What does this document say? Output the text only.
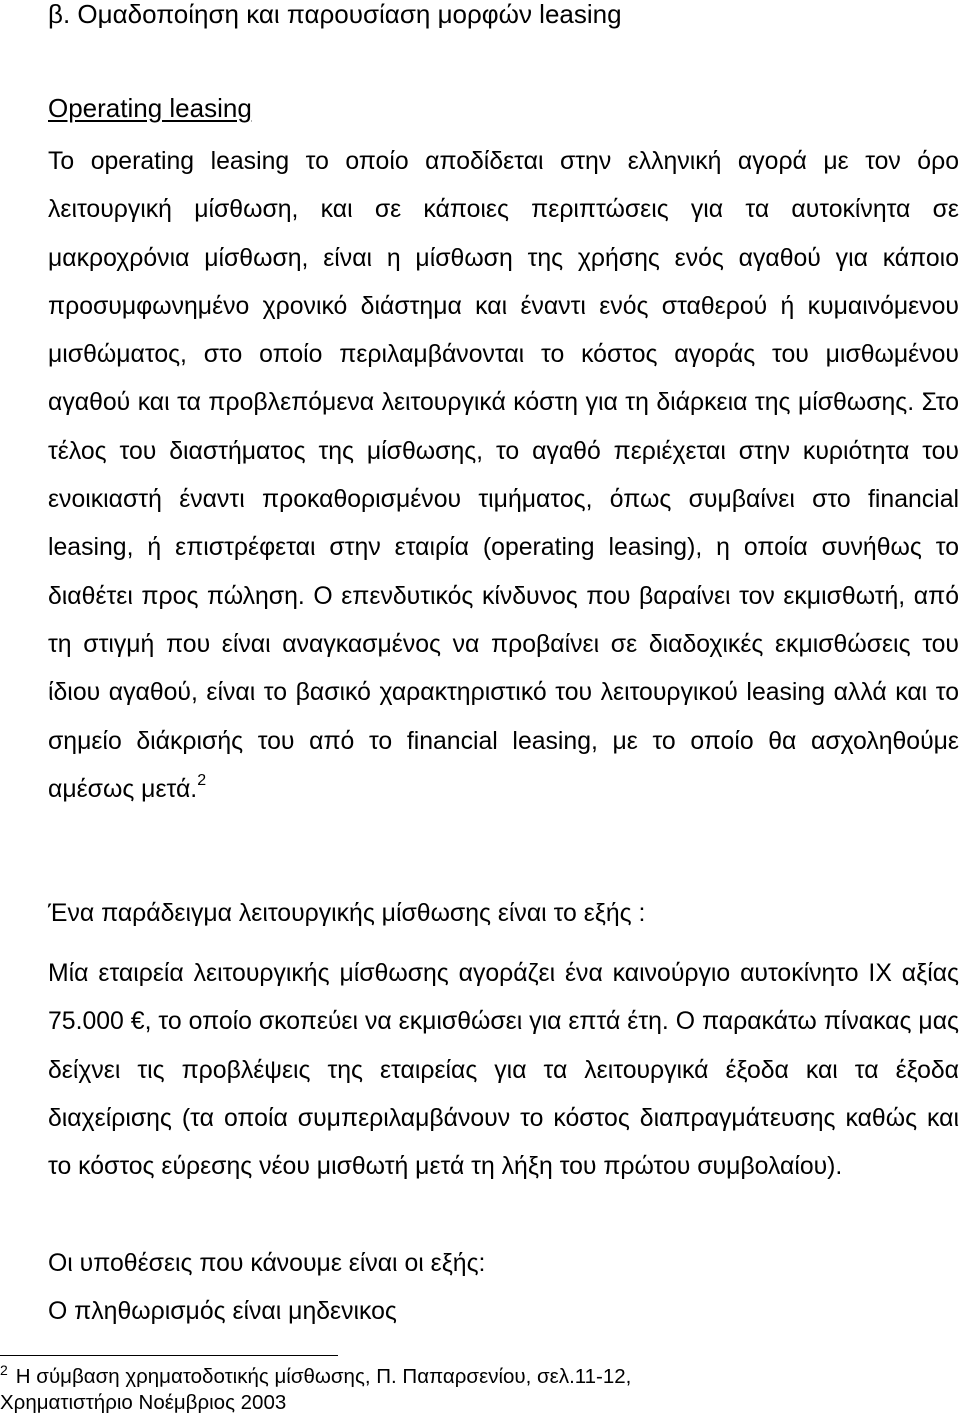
β. Ομαδοποίηση και παρουσίαση μορφών leasing
Operating leasing

Το operating leasing το οποίο αποδίδεται στην ελληνική αγορά με τον όρο λειτουργική μίσθωση, και σε κάποιες περιπτώσεις για τα αυτοκίνητα σε μακροχρόνια μίσθωση, είναι η μίσθωση της χρήσης ενός αγαθού για κάποιο προσυμφωνημένο χρονικό διάστημα και έναντι ενός σταθερού ή κυμαινόμενου μισθώματος, στο οποίο περιλαμβάνονται το κόστος αγοράς του μισθωμένου αγαθού και τα προβλεπόμενα λειτουργικά κόστη για τη διάρκεια της μίσθωσης. Στο τέλος του διαστήματος της μίσθωσης, το αγαθό περιέχεται στην κυριότητα του ενοικιαστή έναντι προκαθορισμένου τιμήματος, όπως συμβαίνει στο financial leasing, ή επιστρέφεται στην εταιρία (operating leasing), η οποία συνήθως το διαθέτει προς πώληση. Ο επενδυτικός κίνδυνος που βαραίνει τον εκμισθωτή, από τη στιγμή που είναι αναγκασμένος να προβαίνει σε διαδοχικές εκμισθώσεις του ίδιου αγαθού, είναι το βασικό χαρακτηριστικό του λειτουργικού leasing αλλά και το σημείο διάκρισής του από το financial leasing, με το οποίο θα ασχοληθούμε αμέσως μετά.$^2$

Ένα παράδειγμα λειτουργικής μίσθωσης είναι το εξής :

Μία εταιρεία λειτουργικής μίσθωσης αγοράζει ένα καινούργιο αυτοκίνητο ΙΧ αξίας 75.000 €, το οποίο σκοπεύει να εκμισθώσει για επτά έτη. Ο παρακάτω πίνακας μας δείχνει τις προβλέψεις της εταιρείας για τα λειτουργικά έξοδα και τα έξοδα διαχείρισης (τα οποία συμπεριλαμβάνουν το κόστος διαπραγμάτευσης καθώς και το κόστος εύρεσης νέου μισθωτή μετά τη λήξη του πρώτου συμβολαίου).

Οι υποθέσεις που κάνουμε είναι οι εξής:

Ο πληθωρισμός είναι μηδενικος

$^2$ Η σύμβαση χρηματοδοτικής μίσθωσης, Π. Παπαρσενίου, σελ.11-12,
Χρηματιστήριο Νοέμβριος 2003
